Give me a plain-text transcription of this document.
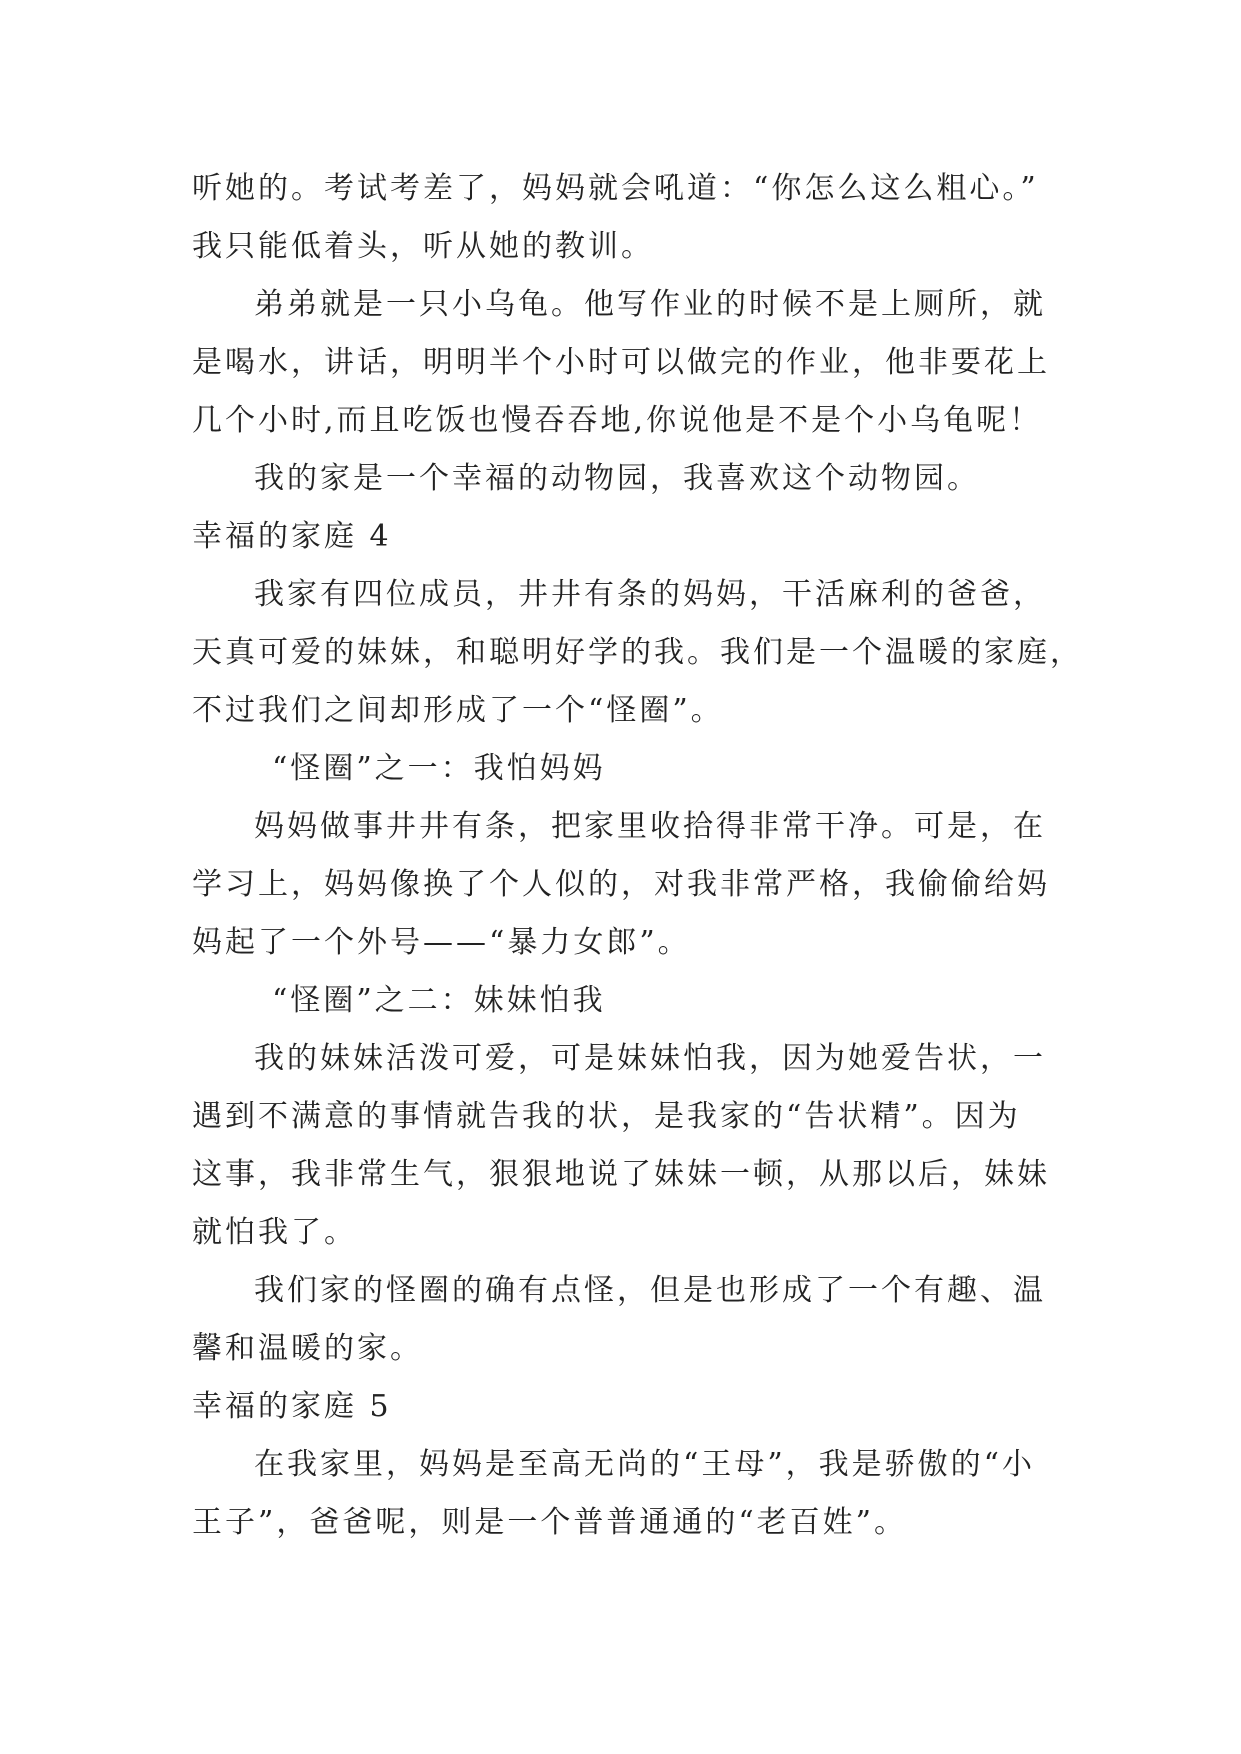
听她的。考试考差了，妈妈就会吼道：“你怎么这么粗心。”
我只能低着头，听从她的教训。
弟弟就是一只小乌龟。他写作业的时候不是上厕所，就
是喝水，讲话，明明半个小时可以做完的作业，他非要花上
几个小时,而且吃饭也慢吞吞地,你说他是不是个小乌龟呢！
我的家是一个幸福的动物园，我喜欢这个动物园。
幸福的家庭 4
我家有四位成员，井井有条的妈妈，干活麻利的爸爸，
天真可爱的妹妹，和聪明好学的我。我们是一个温暖的家庭，
不过我们之间却形成了一个“怪圈”。
“怪圈”之一：我怕妈妈
妈妈做事井井有条，把家里收拾得非常干净。可是，在
学习上，妈妈像换了个人似的，对我非常严格，我偷偷给妈
妈起了一个外号——“暴力女郎”。
“怪圈”之二：妹妹怕我
我的妹妹活泼可爱，可是妹妹怕我，因为她爱告状，一
遇到不满意的事情就告我的状，是我家的“告状精”。因为
这事，我非常生气，狠狠地说了妹妹一顿，从那以后，妹妹
就怕我了。
我们家的怪圈的确有点怪，但是也形成了一个有趣、温
馨和温暖的家。
幸福的家庭 5
在我家里，妈妈是至高无尚的“王母”，我是骄傲的“小
王子”，爸爸呢，则是一个普普通通的“老百姓”。
